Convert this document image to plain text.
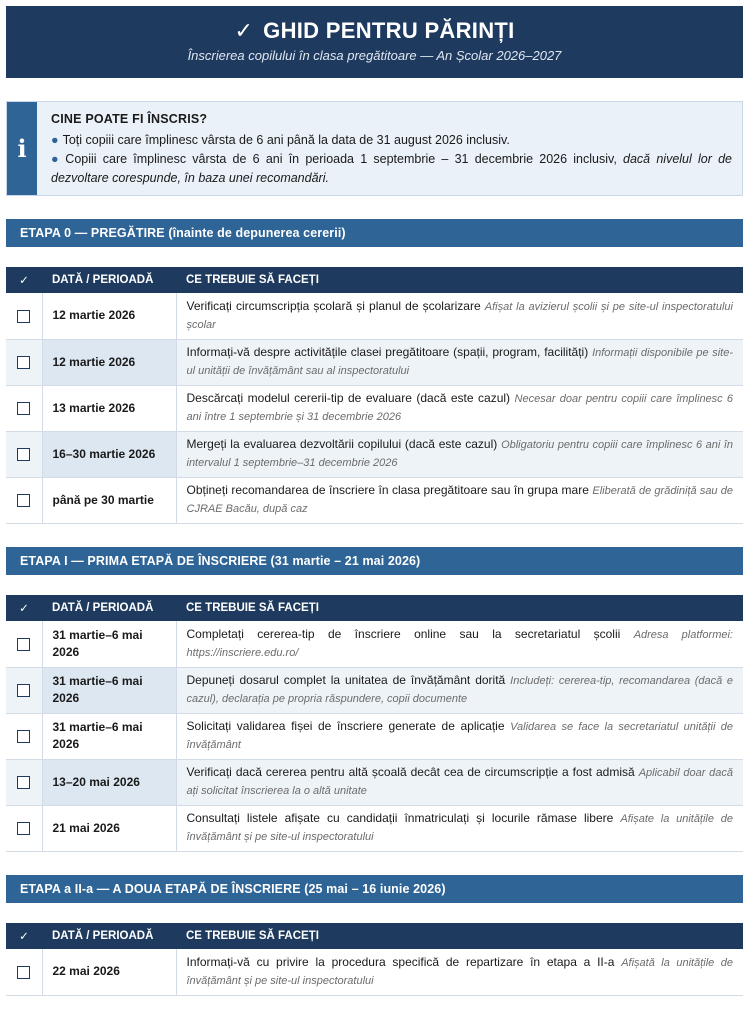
✓ GHID PENTRU PĂRINȚI
Înscrierea copilului în clasa pregătitoare — An Școlar 2026–2027
i
CINE POATE FI ÎNSCRIS?

● Toți copiii care împlinesc vârsta de 6 ani până la data de 31 august 2026 inclusiv.

● Copiii care împlinesc vârsta de 6 ani în perioada 1 septembrie – 31 decembrie 2026 inclusiv, dacă nivelul lor de dezvoltare corespunde, în baza unei recomandări.

ETAPA 0 — PREGĂTIRE (înainte de depunerea cererii)
✓	DATĂ / PERIOADĂ	CE TREBUIE SĂ FACEȚI
	12 martie 2026	Verificați circumscripția școlară și planul de școlarizare Afișat la avizierul școlii și pe site-ul inspectoratului școlar
	12 martie 2026	Informați-vă despre activitățile clasei pregătitoare (spații, program, facilități) Informații disponibile pe site-ul unității de învățământ sau al inspectoratului
	13 martie 2026	Descărcați modelul cererii-tip de evaluare (dacă este cazul) Necesar doar pentru copiii care împlinesc 6 ani între 1 septembrie și 31 decembrie 2026
	16–30 martie 2026	Mergeți la evaluarea dezvoltării copilului (dacă este cazul) Obligatoriu pentru copiii care împlinesc 6 ani în intervalul 1 septembrie–31 decembrie 2026
	până pe 30 martie	Obțineți recomandarea de înscriere în clasa pregătitoare sau în grupa mare Eliberată de grădiniță sau de CJRAE Bacău, după caz
ETAPA I — PRIMA ETAPĂ DE ÎNSCRIERE (31 martie – 21 mai 2026)
✓	DATĂ / PERIOADĂ	CE TREBUIE SĂ FACEȚI
	31 martie–6 mai 2026	Completați cererea-tip de înscriere online sau la secretariatul școlii Adresa platformei: https://inscriere.edu.ro/
	31 martie–6 mai 2026	Depuneți dosarul complet la unitatea de învățământ dorită Includeți: cererea-tip, recomandarea (dacă e cazul), declarația pe propria răspundere, copii documente
	31 martie–6 mai 2026	Solicitați validarea fișei de înscriere generate de aplicație Validarea se face la secretariatul unității de învățământ
	13–20 mai 2026	Verificați dacă cererea pentru altă școală decât cea de circumscripție a fost admisă Aplicabil doar dacă ați solicitat înscrierea la o altă unitate
	21 mai 2026	Consultați listele afișate cu candidații înmatriculați și locurile rămase libere Afișate la unitățile de învățământ și pe site-ul inspectoratului
ETAPA a II-a — A DOUA ETAPĂ DE ÎNSCRIERE (25 mai – 16 iunie 2026)
✓	DATĂ / PERIOADĂ	CE TREBUIE SĂ FACEȚI
	22 mai 2026	Informați-vă cu privire la procedura specifică de repartizare în etapa a II-a Afișată la unitățile de învățământ și pe site-ul inspectoratului
